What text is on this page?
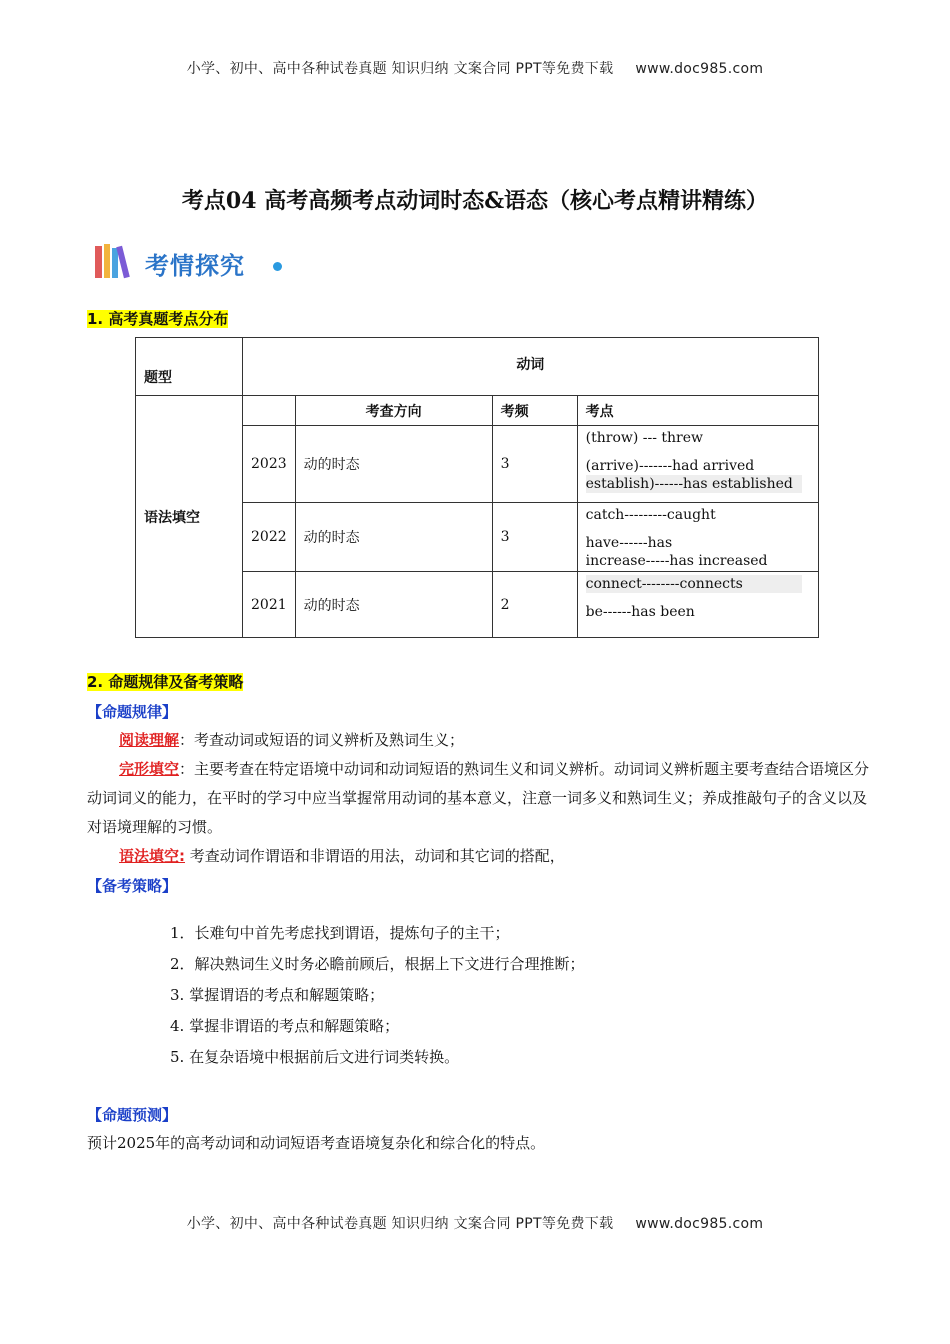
小学、初中、高中各种试卷真题 知识归纳 文案合同 PPT等免费下载 www.doc985.com
考点04 高考高频考点动词时态&语态（核心考点精讲精练）
考情探究
1. 高考真题考点分布
题型	动词			
语法填空		考查方向	考频	考点
	2023	动的时态	3	(throw) --- threw
(arrive)-------had arrived
establish)------has established

	2022	动的时态	3	catch---------caught
have------has
increase-----has increased

	2021	动的时态	2	connect--------connects
be------has been
2. 命题规律及备考策略
【命题规律】
阅读理解：考查动词或短语的词义辨析及熟词生义；
完形填空：主要考查在特定语境中动词和动词短语的熟词生义和词义辨析。动词词义辨析题主要考查结合语境区分动词词义的能力，在平时的学习中应当掌握常用动词的基本意义，注意一词多义和熟词生义；养成推敲句子的含义以及对语境理解的习惯。
语法填空: 考查动词作谓语和非谓语的用法，动词和其它词的搭配，
【备考策略】
1．长难句中首先考虑找到谓语，提炼句子的主干；
2．解决熟词生义时务必瞻前顾后，根据上下文进行合理推断；
3. 掌握谓语的考点和解题策略；
4. 掌握非谓语的考点和解题策略；
5. 在复杂语境中根据前后文进行词类转换。
【命题预测】
预计2025年的高考动词和动词短语考查语境复杂化和综合化的特点。
小学、初中、高中各种试卷真题 知识归纳 文案合同 PPT等免费下载 www.doc985.com
